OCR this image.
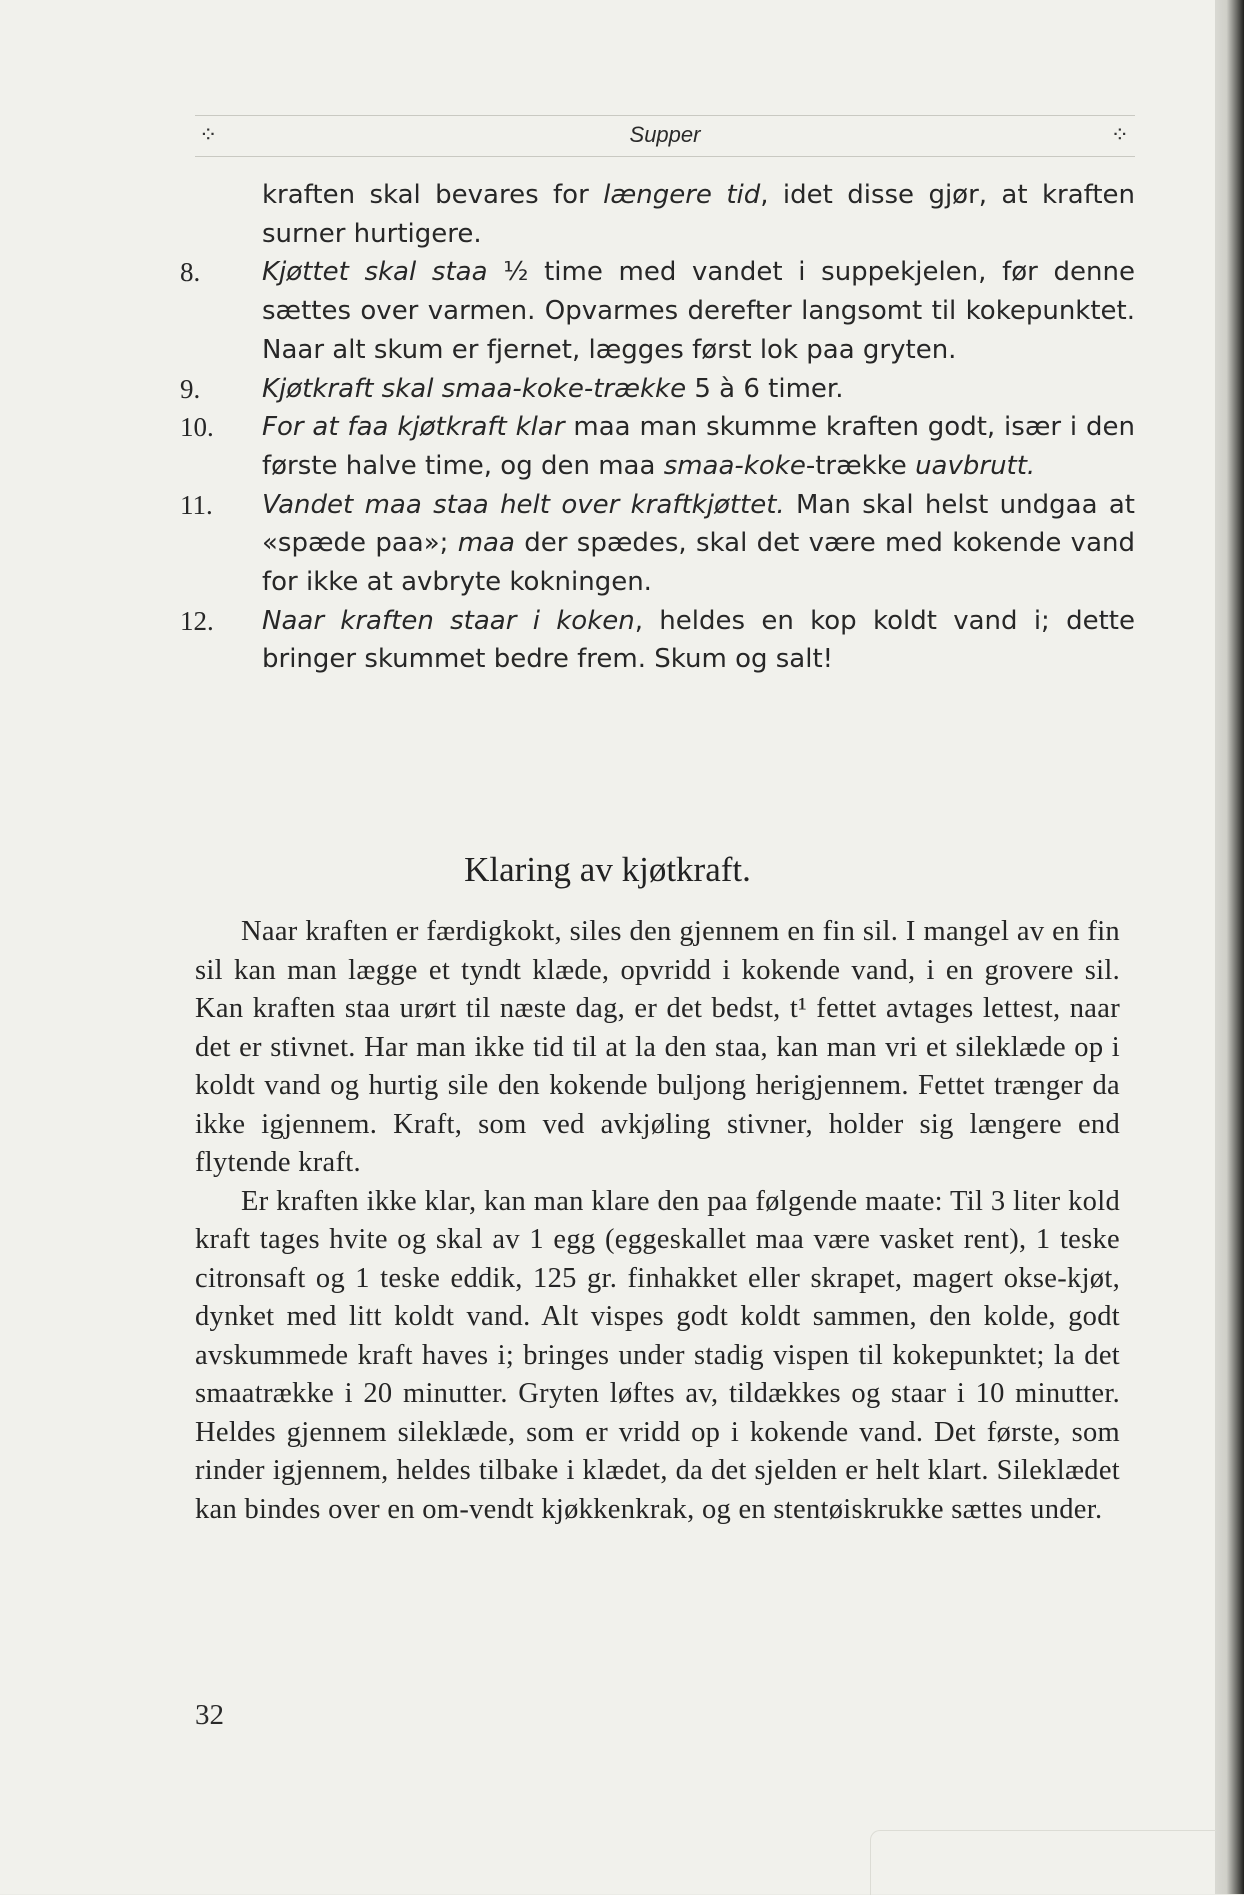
⁘	Supper	⁘
kraften skal bevares for længere tid, idet disse gjør, at kraften surner hurtigere.
8.	Kjøttet skal staa ½ time med vandet i suppekjelen, før denne sættes over varmen. Opvarmes derefter langsomt til kokepunktet. Naar alt skum er fjernet, lægges først lok paa gryten.
9.	Kjøtkraft skal smaa-koke-trække 5 à 6 timer.
10.	For at faa kjøtkraft klar maa man skumme kraften godt, især i den første halve time, og den maa smaa-koke-trække uavbrutt.
11.	Vandet maa staa helt over kraftkjøttet. Man skal helst undgaa at «spæde paa»; maa der spædes, skal det være med kokende vand for ikke at avbryte kokningen.
12.	Naar kraften staar i koken, heldes en kop koldt vand i; dette bringer skummet bedre frem. Skum og salt!
Klaring av kjøtkraft.

Naar kraften er færdigkokt, siles den gjennem en fin sil. I mangel av en fin sil kan man lægge et tyndt klæde, opvridd i kokende vand, i en grovere sil. Kan kraften staa urørt til næste dag, er det bedst, t¹ fettet avtages lettest, naar det er stivnet. Har man ikke tid til at la den staa, kan man vri et sileklæde op i koldt vand og hurtig sile den kokende buljong herigjennem. Fettet trænger da ikke igjennem. Kraft, som ved avkjøling stivner, holder sig længere end flytende kraft.

Er kraften ikke klar, kan man klare den paa følgende maate: Til 3 liter kold kraft tages hvite og skal av 1 egg (eggeskallet maa være vasket rent), 1 teske citronsaft og 1 teske eddik, 125 gr. finhakket eller skrapet, magert okse-kjøt, dynket med litt koldt vand. Alt vispes godt koldt sammen, den kolde, godt avskummede kraft haves i; bringes under stadig vispen til kokepunktet; la det smaatrække i 20 minutter. Gryten løftes av, tildækkes og staar i 10 minutter. Heldes gjennem sileklæde, som er vridd op i kokende vand. Det første, som rinder igjennem, heldes tilbake i klædet, da det sjelden er helt klart. Sileklædet kan bindes over en om-vendt kjøkkenkrak, og en stentøiskrukke sættes under.

32
